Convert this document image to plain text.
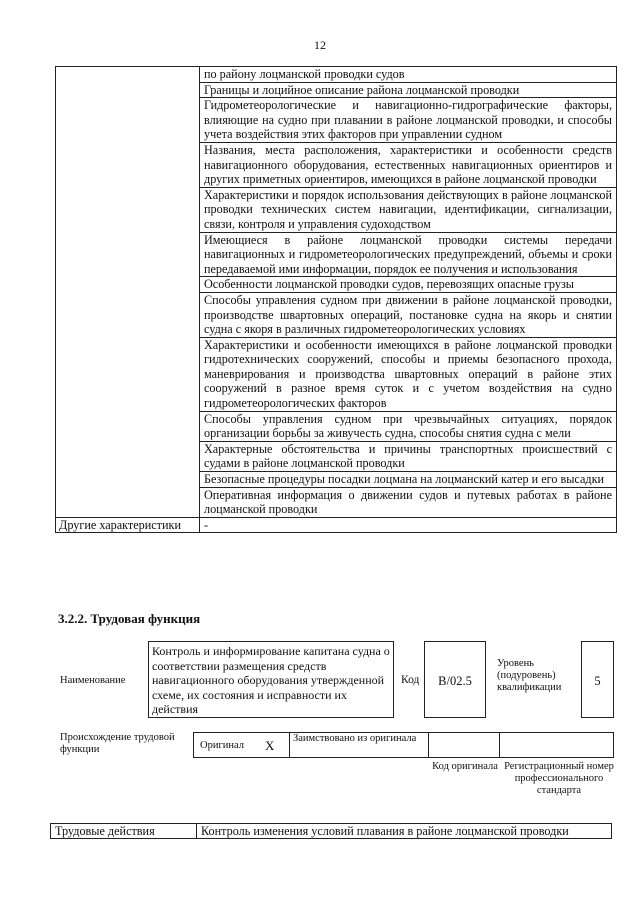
12
	по району лоцманской проводки судов
	Границы и лоцийное описание района лоцманской проводки
	Гидрометеорологические и навигационно-гидрографические факторы, влияющие на судно при плавании в районе лоцманской проводки, и способы учета воздействия этих факторов при управлении судном
	Названия, места расположения, характеристики и особенности средств навигационного оборудования, естественных навигационных ориентиров и других приметных ориентиров, имеющихся в районе лоцманской проводки
	Характеристики и порядок использования действующих в районе лоцманской проводки технических систем навигации, идентификации, сигнализации, связи, контроля и управления судоходством
	Имеющиеся в районе лоцманской проводки системы передачи навигационных и гидрометеорологических предупреждений, объемы и сроки передаваемой ими информации, порядок ее получения и использования
	Особенности лоцманской проводки судов, перевозящих опасные грузы
	Способы управления судном при движении в районе лоцманской проводки, производстве швартовных операций, постановке судна на якорь и снятии судна с якоря в различных гидрометеорологических условиях
	Характеристики и особенности имеющихся в районе лоцманской проводки гидротехнических сооружений, способы и приемы безопасного прохода, маневрирования и производства швартовных операций в районе этих сооружений в разное время суток и с учетом воздействия на судно гидрометеорологических факторов
	Способы управления судном при чрезвычайных ситуациях, порядок организации борьбы за живучесть судна, способы снятия судна с мели
	Характерные обстоятельства и причины транспортных происшествий с судами в районе лоцманской проводки
	Безопасные процедуры посадки лоцмана на лоцманский катер и его высадки
	Оперативная информация о движении судов и путевых работах в районе лоцманской проводки
Другие характеристики	-
3.2.2. Трудовая функция
Наименование
Контроль и информирование капитана судна о соответствии размещения средств навигационного оборудования утвержденной схеме, их состояния и исправности их действия
Код	В/02.5
Уровень (подуровень) квалификации	5
Происхождение трудовой функции	Оригинал X Заимствовано из оригинала
Код оригинала Регистрационный номер профессионального стандарта
Трудовые действия	Контроль изменения условий плавания в районе лоцманской проводки
